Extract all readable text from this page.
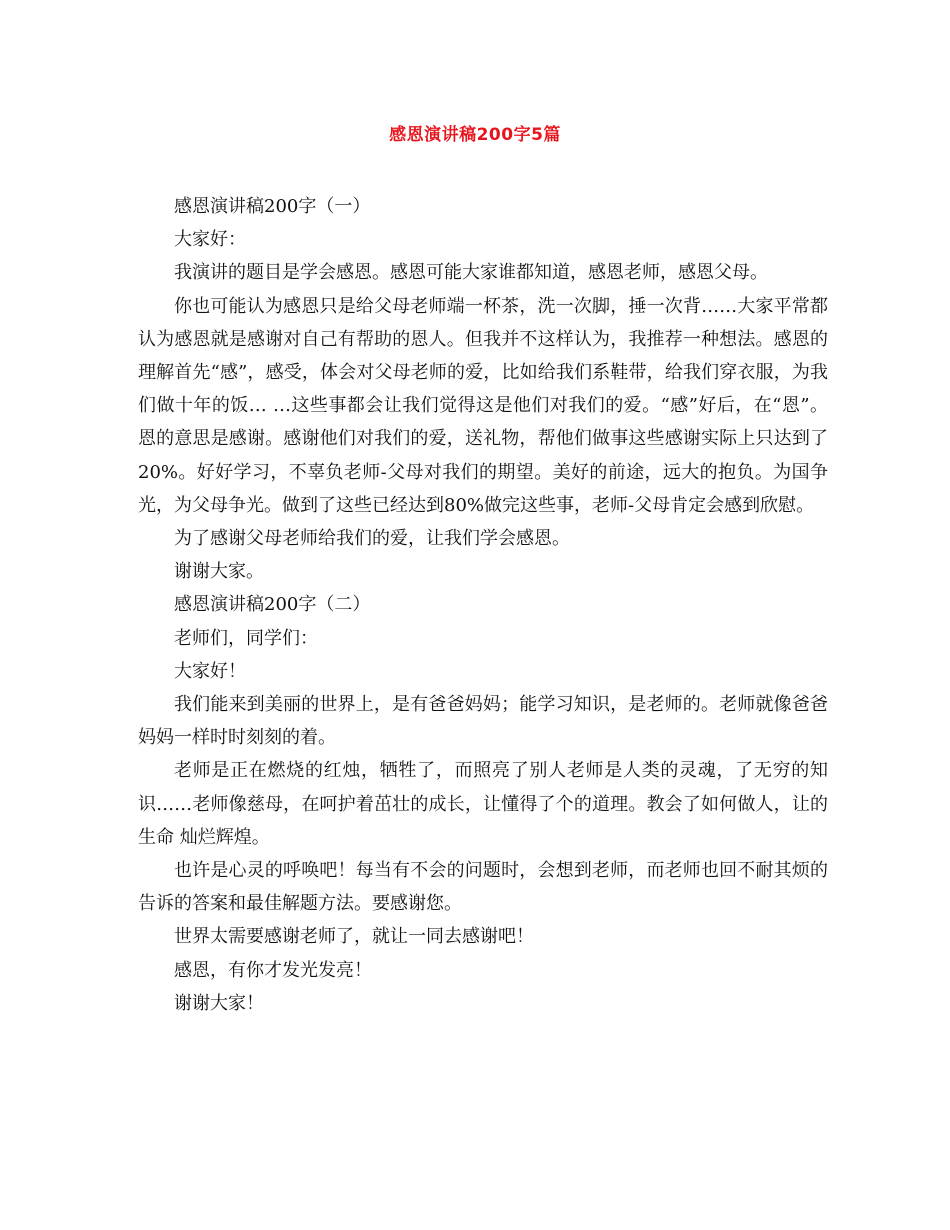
感恩演讲稿200字5篇

感恩演讲稿200字（一）

大家好：

我演讲的题目是学会感恩。感恩可能大家谁都知道，感恩老师，感恩父母。

你也可能认为感恩只是给父母老师端一杯茶，洗一次脚，捶一次背……大家平常都认为感恩就是感谢对自己有帮助的恩人。但我并不这样认为，我推荐一种想法。感恩的理解首先“感”，感受，体会对父母老师的爱，比如给我们系鞋带，给我们穿衣服，为我们做十年的饭… …这些事都会让我们觉得这是他们对我们的爱。“感”好后，在“恩”。恩的意思是感谢。感谢他们对我们的爱，送礼物，帮他们做事这些感谢实际上只达到了20%。好好学习，不辜负老师-父母对我们的期望。美好的前途，远大的抱负。为国争光，为父母争光。做到了这些已经达到80%做完这些事，老师-父母肯定会感到欣慰。

为了感谢父母老师给我们的爱，让我们学会感恩。

谢谢大家。

感恩演讲稿200字（二）

老师们，同学们：

大家好！

我们能来到美丽的世界上，是有爸爸妈妈；能学习知识，是老师的。老师就像爸爸妈妈一样时时刻刻的着。

老师是正在燃烧的红烛，牺牲了，而照亮了别人老师是人类的灵魂，了无穷的知识……老师像慈母，在呵护着茁壮的成长，让懂得了个的道理。教会了如何做人，让的生命 灿烂辉煌。

也许是心灵的呼唤吧！每当有不会的问题时，会想到老师，而老师也回不耐其烦的告诉的答案和最佳解题方法。要感谢您。

世界太需要感谢老师了，就让一同去感谢吧！

感恩，有你才发光发亮！

谢谢大家！
